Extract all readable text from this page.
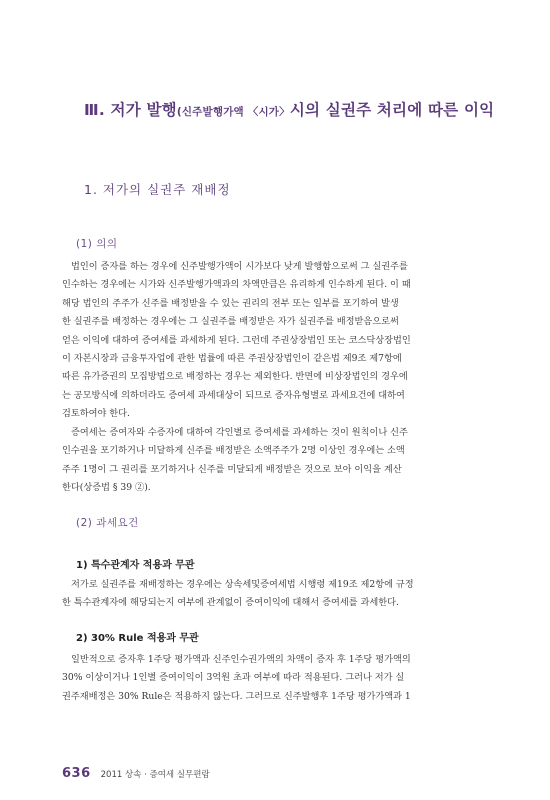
Ⅲ. 저가 발행(신주발행가액 〈시가〉시의 실권주 처리에 따른 이익
1. 저가의 실권주 재배정
(1) 의의
법인이 증자를 하는 경우에 신주발행가액이 시가보다 낮게 발행함으로써 그 실권주를
인수하는 경우에는 시가와 신주발행가액과의 차액만큼은 유리하게 인수하게 된다. 이 때
해당 법인의 주주가 신주를 배정받을 수 있는 권리의 전부 또는 일부를 포기하여 발생
한 실권주를 배정하는 경우에는 그 실권주를 배정받은 자가 실권주를 배정받음으로써
얻은 이익에 대하여 증여세를 과세하게 된다. 그런데 주권상장법인 또는 코스닥상장법인
이 자본시장과 금융투자업에 관한 법률에 따른 주권상장법인이 같은법 제9조 제7항에
따른 유가증권의 모집방법으로 배정하는 경우는 제외한다. 반면에 비상장법인의 경우에
는 공모방식에 의하더라도 증여세 과세대상이 되므로 증자유형별로 과세요건에 대하여
검토하여야 한다.
증여세는 증여자와 수증자에 대하여 각인별로 증여세를 과세하는 것이 원칙이나 신주
인수권을 포기하거나 미달하게 신주를 배정받은 소액주주가 2명 이상인 경우에는 소액
주주 1명이 그 권리를 포기하거나 신주를 미달되게 배정받은 것으로 보아 이익을 계산
한다(상증법 § 39 ②).
(2) 과세요건
1) 특수관계자 적용과 무관
저가로 실권주를 재배정하는 경우에는 상속세및증여세법 시행령 제19조 제2항에 규정
한 특수관계자에 해당되는지 여부에 관계없이 증여이익에 대해서 증여세를 과세한다.
2) 30% Rule 적용과 무관
일반적으로 증자후 1주당 평가액과 신주인수권가액의 차액이 증자 후 1주당 평가액의
30% 이상이거나 1인별 증여이익이 3억원 초과 여부에 따라 적용된다. 그러나 저가 실
권주재배정은 30% Rule은 적용하지 않는다. 그러므로 신주발행후 1주당 평가가액과 1
636 2011 상속 · 증여세 실무편람
